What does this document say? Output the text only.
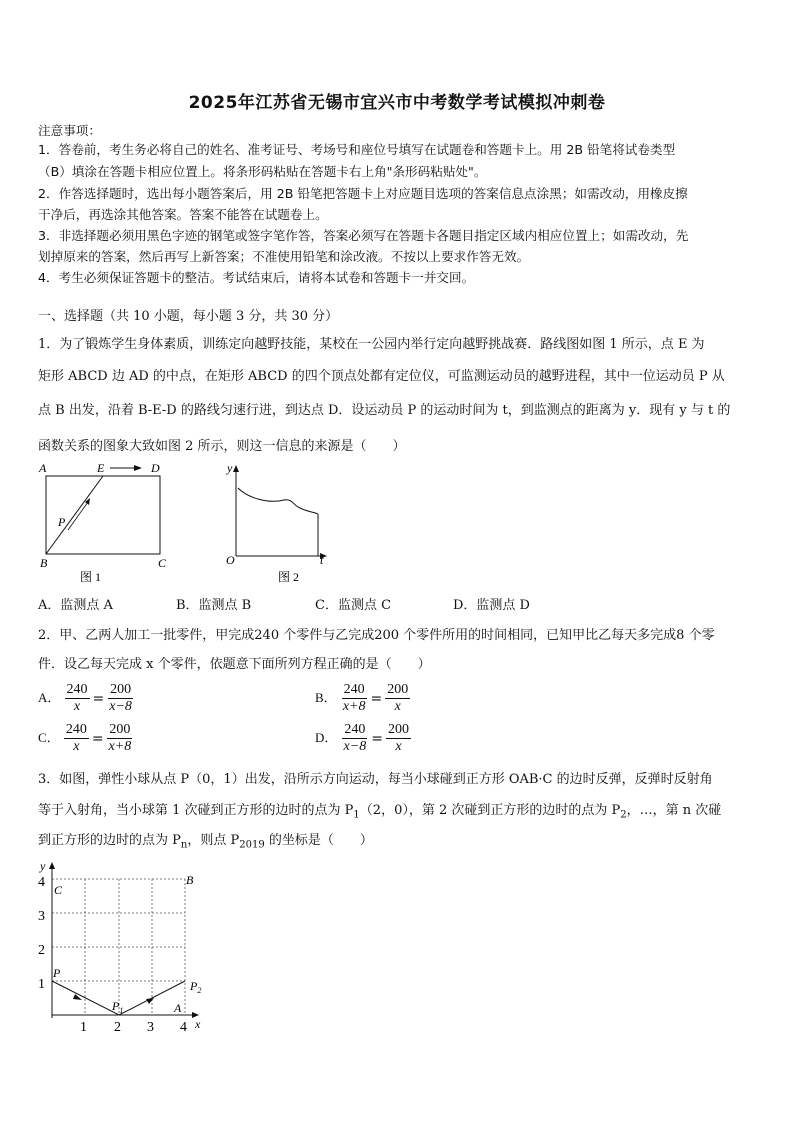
2025年江苏省无锡市宜兴市中考数学考试模拟冲刺卷
注意事项：
1．答卷前，考生务必将自己的姓名、准考证号、考场号和座位号填写在试题卷和答题卡上。用 2B 铅笔将试卷类型
（B）填涂在答题卡相应位置上。将条形码粘贴在答题卡右上角"条形码粘贴处"。
2．作答选择题时，选出每小题答案后，用 2B 铅笔把答题卡上对应题目选项的答案信息点涂黑；如需改动，用橡皮擦
干净后，再选涂其他答案。答案不能答在试题卷上。
3．非选择题必须用黑色字迹的钢笔或签字笔作答，答案必须写在答题卡各题目指定区域内相应位置上；如需改动，先
划掉原来的答案，然后再写上新答案；不准使用铅笔和涂改液。不按以上要求作答无效。
4．考生必须保证答题卡的整洁。考试结束后，请将本试卷和答题卡一并交回。
一、选择题（共 10 小题，每小题 3 分，共 30 分）
1．为了锻炼学生身体素质，训练定向越野技能，某校在一公园内举行定向越野挑战赛．路线图如图 1 所示，点 E 为
矩形 ABCD 边 AD 的中点，在矩形 ABCD 的四个顶点处都有定位仪，可监测运动员的越野进程，其中一位运动员 P 从
点 B 出发，沿着 B-E-D 的路线匀速行进，到达点 D．设运动员 P 的运动时间为 t，到监测点的距离为 y．现有 y 与 t 的
函数关系的图象大致如图 2 所示，则这一信息的来源是（　　）
A	E	D
B	C
P
图 1
y
O	t
图 2
A．监测点 A	B．监测点 B	C．监测点 C	D．监测点 D
2．甲、乙两人加工一批零件，甲完成240 个零件与乙完成200 个零件所用的时间相同，已知甲比乙每天多完成8 个零
件．设乙每天完成 x 个零件，依题意下面所列方程正确的是（　　）
A． $\frac{240}{x} = \frac{200}{x-8}$	B． $\frac{240}{x+8} = \frac{200}{x}$
C． $\frac{240}{x} = \frac{200}{x+8}$	D． $\frac{240}{x-8} = \frac{200}{x}$
3．如图，弹性小球从点 P（0，1）出发，沿所示方向运动，每当小球碰到正方形 OAB·C 的边时反弹，反弹时反射角
等于入射角，当小球第 1 次碰到正方形的边时的点为 $P_1(2$，0），第 2 次碰到正方形的边时的点为 $P_2$，…，第 n 次碰
到正方形的边时的点为 $P_n$，则点 $P_{2019}$ 的坐标是（　　）
4
3
2
1
1 2 3 4
y
x
C
B
P
$P_1$
$P_2$
A
